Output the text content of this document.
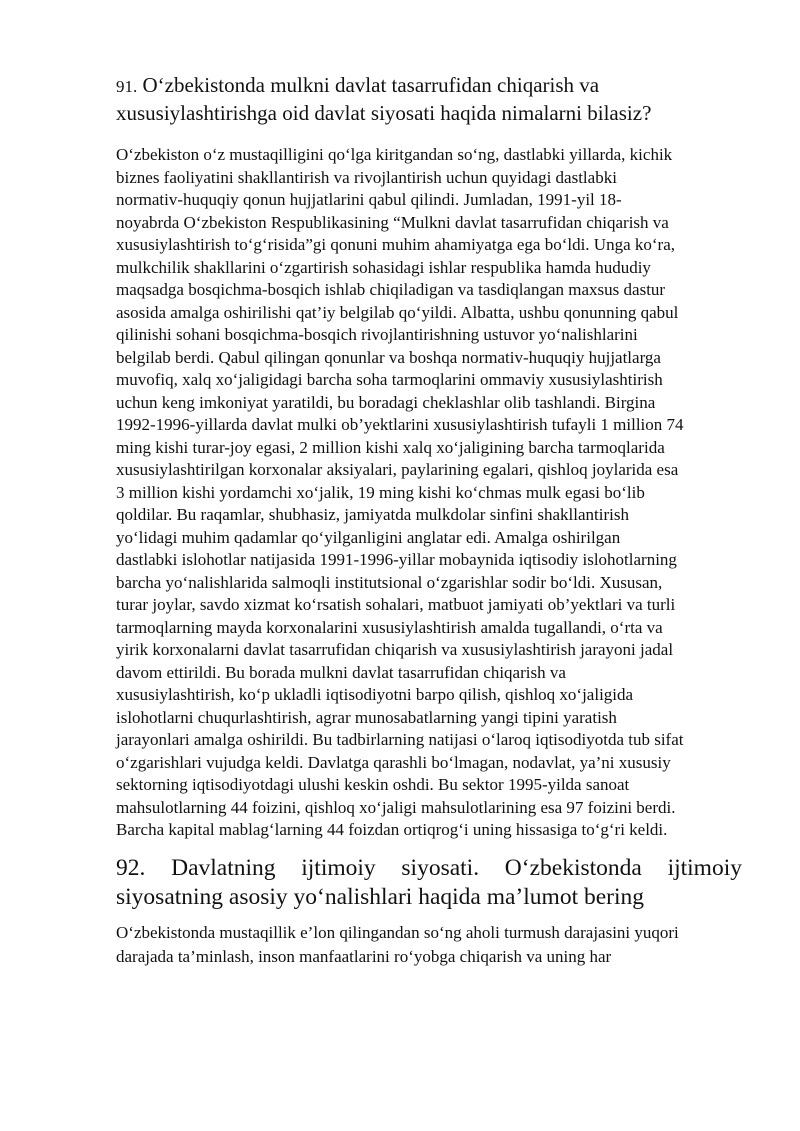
91. O‘zbekistonda mulkni davlat tasarrufidan chiqarish va xususiylashtirishga oid davlat siyosati haqida nimalarni bilasiz?
O‘zbekiston o‘z mustaqilligini qo‘lga kiritgandan so‘ng, dastlabki yillarda, kichik
biznes faoliyatini shakllantirish va rivojlantirish uchun quyidagi dastlabki
normativ-huquqiy qonun hujjatlarini qabul qilindi. Jumladan, 1991-yil 18-
noyabrda O‘zbekiston Respublikasining “Mulkni davlat tasarrufidan chiqarish va
xususiylashtirish to‘g‘risida”gi qonuni muhim ahamiyatga ega bo‘ldi. Unga ko‘ra,
mulkchilik shakllarini o‘zgartirish sohasidagi ishlar respublika hamda hududiy
maqsadga bosqichma-bosqich ishlab chiqiladigan va tasdiqlangan maxsus dastur
asosida amalga oshirilishi qat’iy belgilab qo‘yildi. Albatta, ushbu qonunning qabul
qilinishi sohani bosqichma-bosqich rivojlantirishning ustuvor yo‘nalishlarini
belgilab berdi. Qabul qilingan qonunlar va boshqa normativ-huquqiy hujjatlarga
muvofiq, xalq xo‘jaligidagi barcha soha tarmoqlarini ommaviy xususiylashtirish
uchun keng imkoniyat yaratildi, bu boradagi cheklashlar olib tashlandi. Birgina
1992-1996-yillarda davlat mulki ob’yektlarini xususiylashtirish tufayli 1 million 74
ming kishi turar-joy egasi, 2 million kishi xalq xo‘jaligining barcha tarmoqlarida
xususiylashtirilgan korxonalar aksiyalari, paylarining egalari, qishloq joylarida esa
3 million kishi yordamchi xo‘jalik, 19 ming kishi ko‘chmas mulk egasi bo‘lib
qoldilar. Bu raqamlar, shubhasiz, jamiyatda mulkdolar sinfini shakllantirish
yo‘lidagi muhim qadamlar qo‘yilganligini anglatar edi. Amalga oshirilgan
dastlabki islohotlar natijasida 1991-1996-yillar mobaynida iqtisodiy islohotlarning
barcha yo‘nalishlarida salmoqli institutsional o‘zgarishlar sodir bo‘ldi. Xususan,
turar joylar, savdo xizmat ko‘rsatish sohalari, matbuot jamiyati ob’yektlari va turli
tarmoqlarning mayda korxonalarini xususiylashtirish amalda tugallandi, o‘rta va
yirik korxonalarni davlat tasarrufidan chiqarish va xususiylashtirish jarayoni jadal
davom ettirildi. Bu borada mulkni davlat tasarrufidan chiqarish va
xususiylashtirish, ko‘p ukladli iqtisodiyotni barpo qilish, qishloq xo‘jaligida
islohotlarni chuqurlashtirish, agrar munosabatlarning yangi tipini yaratish
jarayonlari amalga oshirildi. Bu tadbirlarning natijasi o‘laroq iqtisodiyotda tub sifat
o‘zgarishlari vujudga keldi. Davlatga qarashli bo‘lmagan, nodavlat, ya’ni xususiy
sektorning iqtisodiyotdagi ulushi keskin oshdi. Bu sektor 1995-yilda sanoat
mahsulotlarning 44 foizini, qishloq xo‘jaligi mahsulotlarining esa 97 foizini berdi.
Barcha kapital mablag‘larning 44 foizdan ortiqrog‘i uning hissasiga to‘g‘ri keldi.
92. Davlatning ijtimoiy siyosati. O‘zbekistonda ijtimoiy siyosatning asosiy yo‘nalishlari haqida ma’lumot bering
O‘zbekistonda mustaqillik e’lon qilingandan so‘ng aholi turmush darajasini yuqori
darajada ta’minlash, inson manfaatlarini ro‘yobga chiqarish va uning har
